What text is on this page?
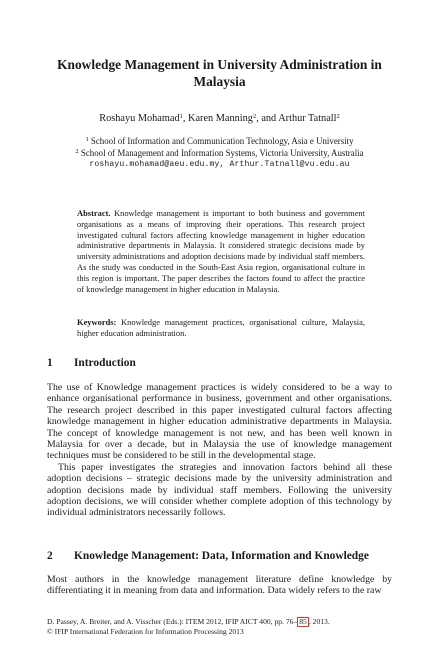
Knowledge Management in University Administration in Malaysia
Roshayu Mohamad$^1$, Karen Manning$^2$, and Arthur Tatnall$^2$
$^1$ School of Information and Communication Technology, Asia e University
$^2$ School of Management and Information Systems, Victoria University, Australia
roshayu.mohamad@aeu.edu.my, Arthur.Tatnall@vu.edu.au
Abstract. Knowledge management is important to both business and government organisations as a means of improving their operations. This research project investigated cultural factors affecting knowledge management in higher education administrative departments in Malaysia. It considered strategic decisions made by university administrations and adoption decisions made by individual staff members. As the study was conducted in the South-East Asia region, organisational culture in this region is important. The paper describes the factors found to affect the practice of knowledge management in higher education in Malaysia.
Keywords: Knowledge management practices, organisational culture, Malaysia, higher education administration.
1 Introduction

The use of Knowledge management practices is widely considered to be a way to enhance organisational performance in business, government and other organisations. The research project described in this paper investigated cultural factors affecting knowledge management in higher education administrative departments in Malaysia. The concept of knowledge management is not new, and has been well known in Malaysia for over a decade, but in Malaysia the use of knowledge management techniques must be considered to be still in the developmental stage.

This paper investigates the strategies and innovation factors behind all these adoption decisions – strategic decisions made by the university administration and adoption decisions made by individual staff members. Following the university adoption decisions, we will consider whether complete adoption of this technology by individual administrators necessarily follows.

2 Knowledge Management: Data, Information and Knowledge

Most authors in the knowledge management literature define knowledge by differentiating it in meaning from data and information. Data widely refers to the raw

D. Passey, A. Breiter, and A. Visscher (Eds.): ITEM 2012, IFIP AICT 400, pp. 76– 85 , 2013.
© IFIP International Federation for Information Processing 2013
